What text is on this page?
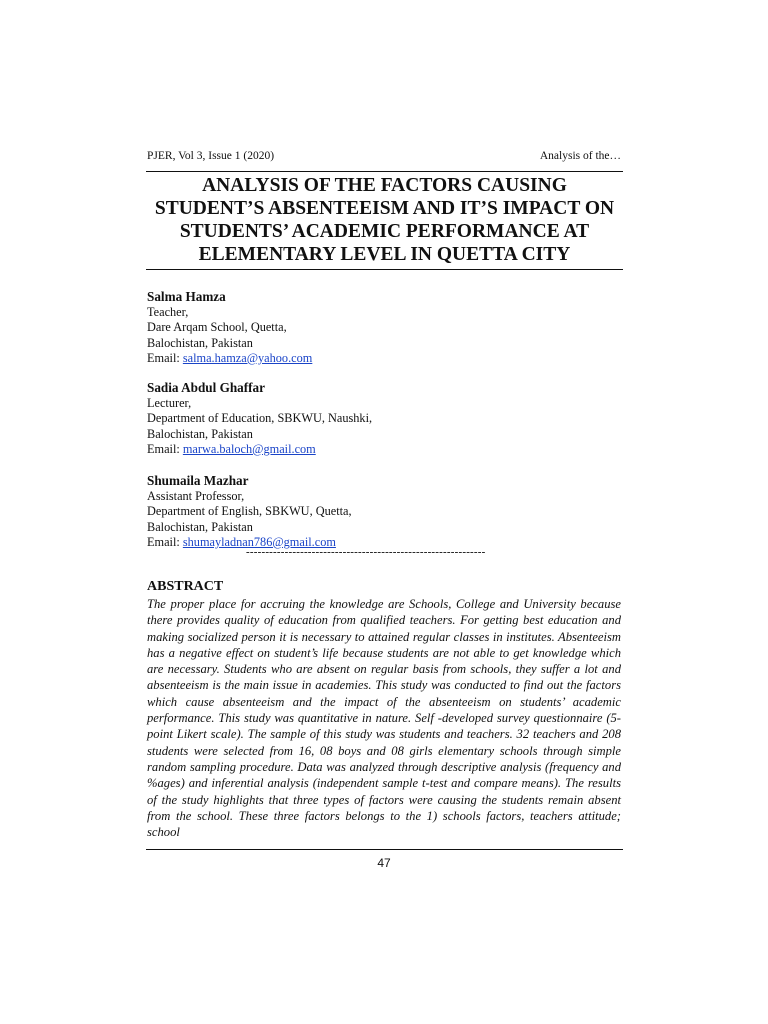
PJER, Vol 3, Issue 1 (2020)	Analysis of the…
ANALYSIS OF THE FACTORS CAUSING STUDENT’S ABSENTEEISM AND IT’S IMPACT ON STUDENTS’ ACADEMIC PERFORMANCE AT ELEMENTARY LEVEL IN QUETTA CITY
Salma Hamza
Teacher,
Dare Arqam School, Quetta,
Balochistan, Pakistan
Email: salma.hamza@yahoo.com
Sadia Abdul Ghaffar
Lecturer,
Department of Education, SBKWU, Naushki,
Balochistan, Pakistan
Email: marwa.baloch@gmail.com
Shumaila Mazhar
Assistant Professor,
Department of English, SBKWU, Quetta,
Balochistan, Pakistan
Email: shumayladnan786@gmail.com
--------------------------------------------------------------
ABSTRACT
The proper place for accruing the knowledge are Schools, College and University because there provides quality of education from qualified teachers. For getting best education and making socialized person it is necessary to attained regular classes in institutes. Absenteeism has a negative effect on student’s life because students are not able to get knowledge which are necessary. Students who are absent on regular basis from schools, they suffer a lot and absenteeism is the main issue in academies. This study was conducted to find out the factors which cause absenteeism and the impact of the absenteeism on students’ academic performance. This study was quantitative in nature. Self -developed survey questionnaire (5-point Likert scale). The sample of this study was students and teachers. 32 teachers and 208 students were selected from 16, 08 boys and 08 girls elementary schools through simple random sampling procedure. Data was analyzed through descriptive analysis (frequency and %ages) and inferential analysis (independent sample t-test and compare means). The results of the study highlights that three types of factors were causing the students remain absent from the school. These three factors belongs to the 1) schools factors, teachers attitude; school
47
